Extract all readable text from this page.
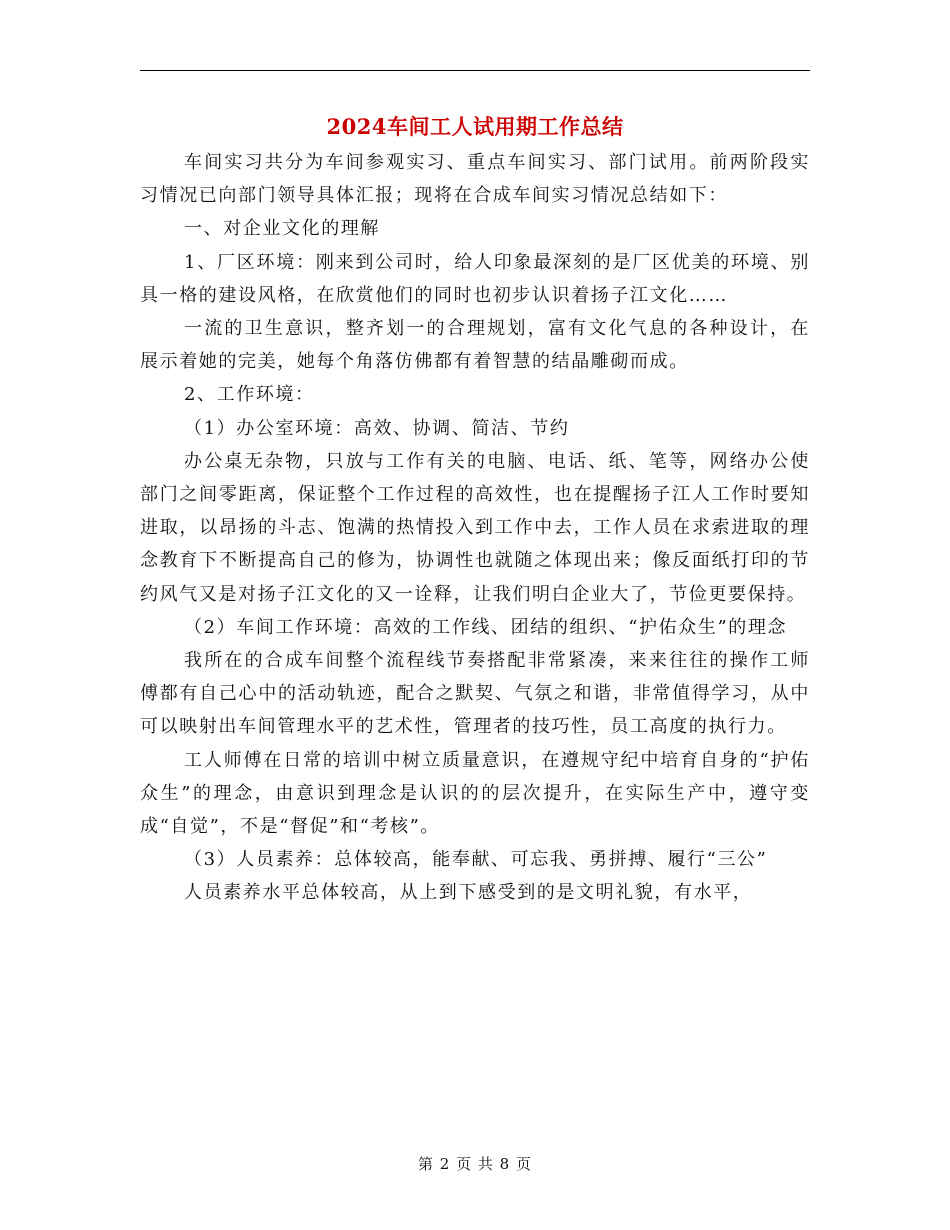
2024车间工人试用期工作总结

车间实习共分为车间参观实习、重点车间实习、部门试用。前两阶段实习情况已向部门领导具体汇报；现将在合成车间实习情况总结如下：

一、对企业文化的理解

1、厂区环境：刚来到公司时，给人印象最深刻的是厂区优美的环境、别具一格的建设风格，在欣赏他们的同时也初步认识着扬子江文化……

一流的卫生意识，整齐划一的合理规划，富有文化气息的各种设计，在展示着她的完美，她每个角落仿佛都有着智慧的结晶雕砌而成。

2、工作环境：

（1）办公室环境：高效、协调、简洁、节约

办公桌无杂物，只放与工作有关的电脑、电话、纸、笔等，网络办公使部门之间零距离，保证整个工作过程的高效性，也在提醒扬子江人工作时要知进取，以昂扬的斗志、饱满的热情投入到工作中去，工作人员在求索进取的理念教育下不断提高自己的修为，协调性也就随之体现出来；像反面纸打印的节约风气又是对扬子江文化的又一诠释，让我们明白企业大了，节俭更要保持。

（2）车间工作环境：高效的工作线、团结的组织、“护佑众生”的理念

我所在的合成车间整个流程线节奏搭配非常紧凑，来来往往的操作工师傅都有自己心中的活动轨迹，配合之默契、气氛之和谐，非常值得学习，从中可以映射出车间管理水平的艺术性，管理者的技巧性，员工高度的执行力。

工人师傅在日常的培训中树立质量意识，在遵规守纪中培育自身的“护佑众生”的理念，由意识到理念是认识的的层次提升，在实际生产中，遵守变成“自觉”，不是“督促”和“考核”。

（3）人员素养：总体较高，能奉献、可忘我、勇拼搏、履行“三公”

人员素养水平总体较高，从上到下感受到的是文明礼貌，有水平，

第 2 页 共 8 页
